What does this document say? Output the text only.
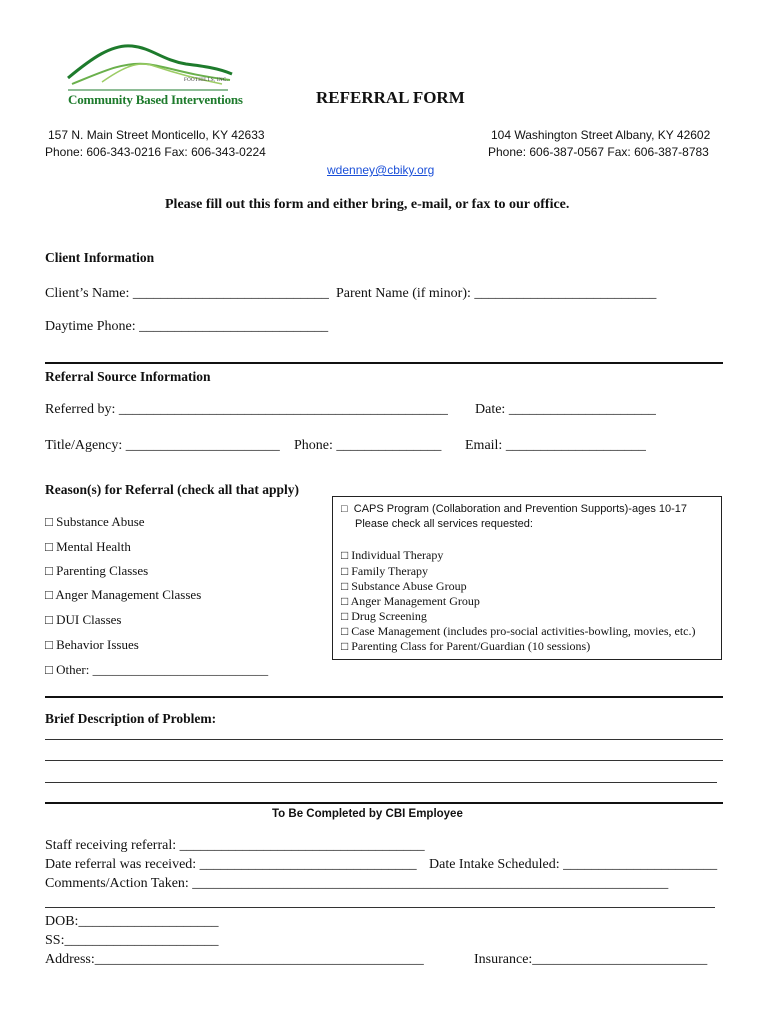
FOOTHILLS, INC.
Community Based Interventions	REFERRAL FORM
157 N. Main Street Monticello, KY 42633
Phone: 606-343-0216 Fax: 606-343-0224
104 Washington Street Albany, KY 42602
Phone: 606-387-0567 Fax: 606-387-8783
wdenney@cbiky.org
Please fill out this form and either bring, e-mail, or fax to our office.
Client Information
Client’s Name: ____________________________ Parent Name (if minor): __________________________
Daytime Phone: ___________________________
Referral Source Information
Referred by: _______________________________________________ Date: _____________________
Title/Agency: ______________________ Phone: _______________ Email: ____________________
Reason(s) for Referral (check all that apply)
□ Substance Abuse
□ Mental Health
□ Parenting Classes
□ Anger Management Classes
□ DUI Classes
□ Behavior Issues
□ Other: ___________________________
□ CAPS Program (Collaboration and Prevention Supports)-ages 10-17
Please check all services requested:
□ Individual Therapy
□ Family Therapy
□ Substance Abuse Group
□ Anger Management Group
□ Drug Screening
□ Case Management (includes pro-social activities-bowling, movies, etc.)
□ Parenting Class for Parent/Guardian (10 sessions)
Brief Description of Problem:
To Be Completed by CBI Employee
Staff receiving referral: ___________________________________
Date referral was received: _______________________________ Date Intake Scheduled: ______________________
Comments/Action Taken: ____________________________________________________________________
DOB:____________________
SS:______________________
Address:_______________________________________________	Insurance:_________________________
